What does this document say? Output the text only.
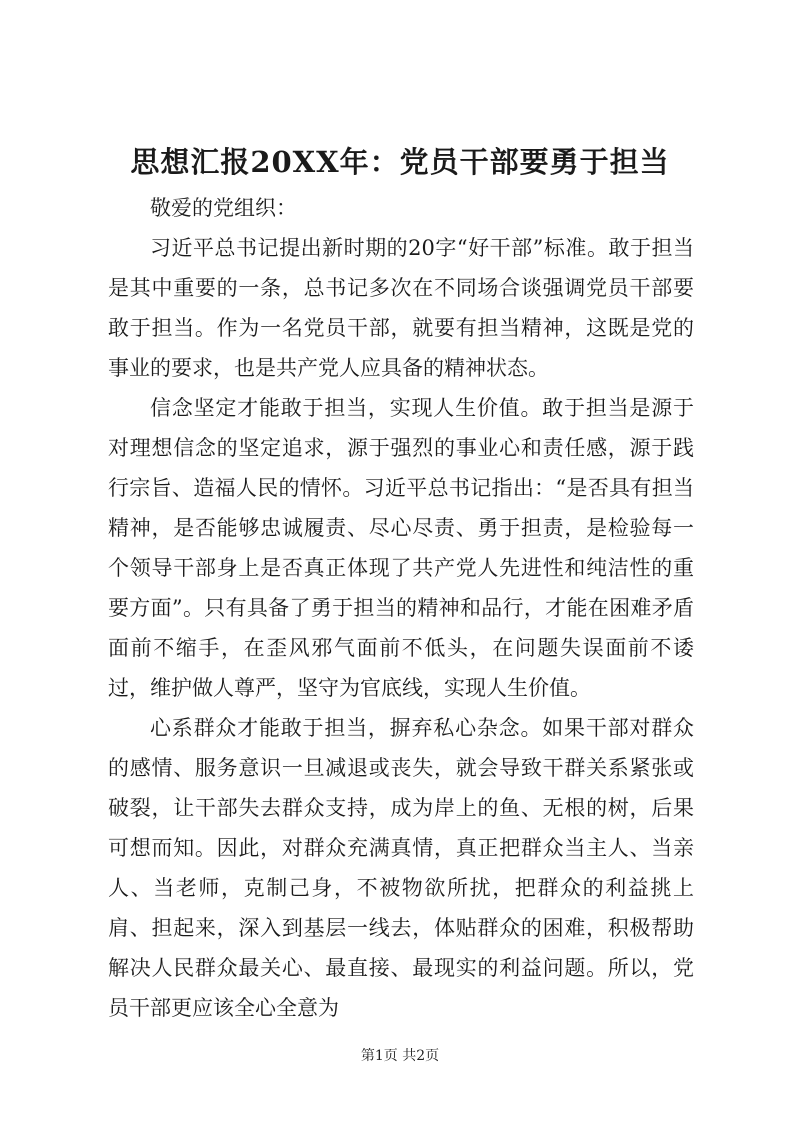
思想汇报20XX年：党员干部要勇于担当

敬爱的党组织：

习近平总书记提出新时期的20字“好干部”标准。敢于担当是其中重要的一条，总书记多次在不同场合谈强调党员干部要敢于担当。作为一名党员干部，就要有担当精神，这既是党的事业的要求，也是共产党人应具备的精神状态。

信念坚定才能敢于担当，实现人生价值。敢于担当是源于对理想信念的坚定追求，源于强烈的事业心和责任感，源于践行宗旨、造福人民的情怀。习近平总书记指出：“是否具有担当精神，是否能够忠诚履责、尽心尽责、勇于担责，是检验每一个领导干部身上是否真正体现了共产党人先进性和纯洁性的重要方面”。只有具备了勇于担当的精神和品行，才能在困难矛盾面前不缩手，在歪风邪气面前不低头，在问题失误面前不诿过，维护做人尊严，坚守为官底线，实现人生价值。

心系群众才能敢于担当，摒弃私心杂念。如果干部对群众的感情、服务意识一旦减退或丧失，就会导致干群关系紧张或破裂，让干部失去群众支持，成为岸上的鱼、无根的树，后果可想而知。因此，对群众充满真情，真正把群众当主人、当亲人、当老师，克制己身，不被物欲所扰，把群众的利益挑上肩、担起来，深入到基层一线去，体贴群众的困难，积极帮助解决人民群众最关心、最直接、最现实的利益问题。所以，党员干部更应该全心全意为

第1页 共2页
